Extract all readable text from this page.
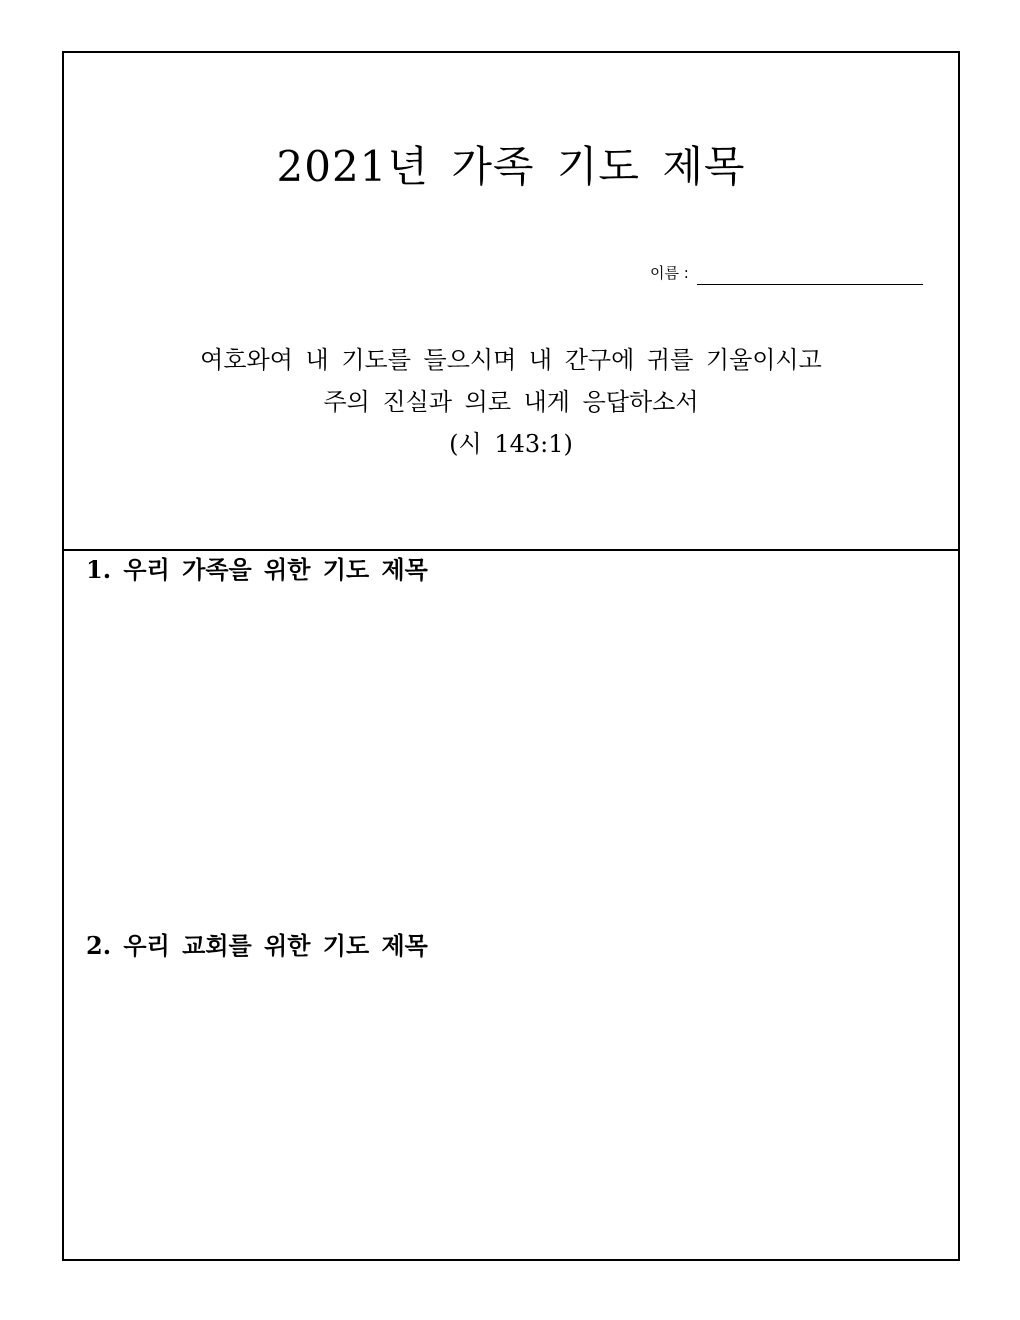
2021년 가족 기도 제목
이름 :
여호와여 내 기도를 들으시며 내 간구에 귀를 기울이시고
주의 진실과 의로 내게 응답하소서
(시 143:1)
1. 우리 가족을 위한 기도 제목
2. 우리 교회를 위한 기도 제목
